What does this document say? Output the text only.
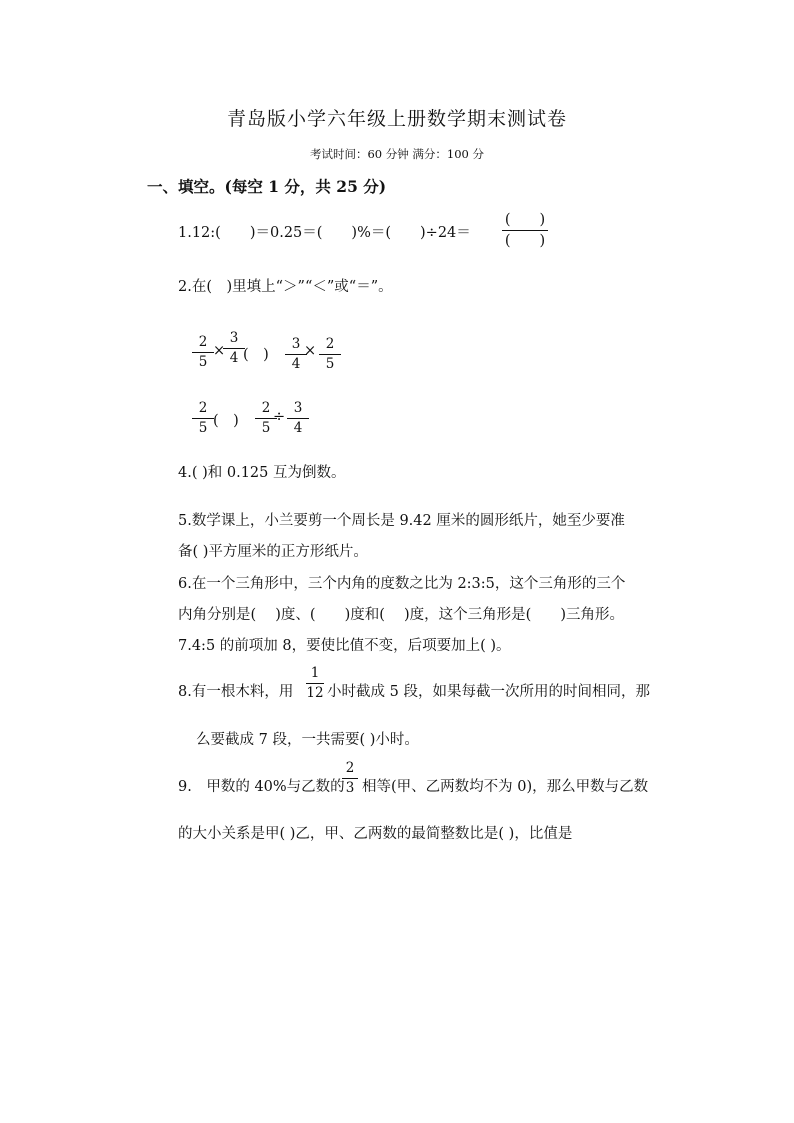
青岛版小学六年级上册数学期末测试卷
考试时间：60 分钟 满分：100 分
一、填空。(每空 1 分，共 25 分)
1.12:(　　)＝0.25＝(　　)%＝(　　)÷24＝
(　　)
(　　)
2.在(　)里填上“＞”“＜”或“＝”。
2
5
×
3
4 (　)
3
4
× 2
5
2
5 (　)
2
5
÷
3
4
4.( )和 0.125 互为倒数。
5.数学课上，小兰要剪一个周长是 9.42 厘米的圆形纸片，她至少要准
备( )平方厘米的正方形纸片。
6.在一个三角形中，三个内角的度数之比为 2:3:5，这个三角形的三个
内角分别是(　 )度、(　　)度和(　 )度，这个三角形是(　　)三角形。
7.4:5 的前项加 8，要使比值不变，后项要加上( )。
8.有一根木料，用
1
12 小时截成 5 段，如果每截一次所用的时间相同，那
么要截成 7 段，一共需要( )小时。
9.　甲数的 40%与乙数的
2
3 相等(甲、乙两数均不为 0)，那么甲数与乙数
的大小关系是甲( )乙，甲、乙两数的最简整数比是( )，比值是
